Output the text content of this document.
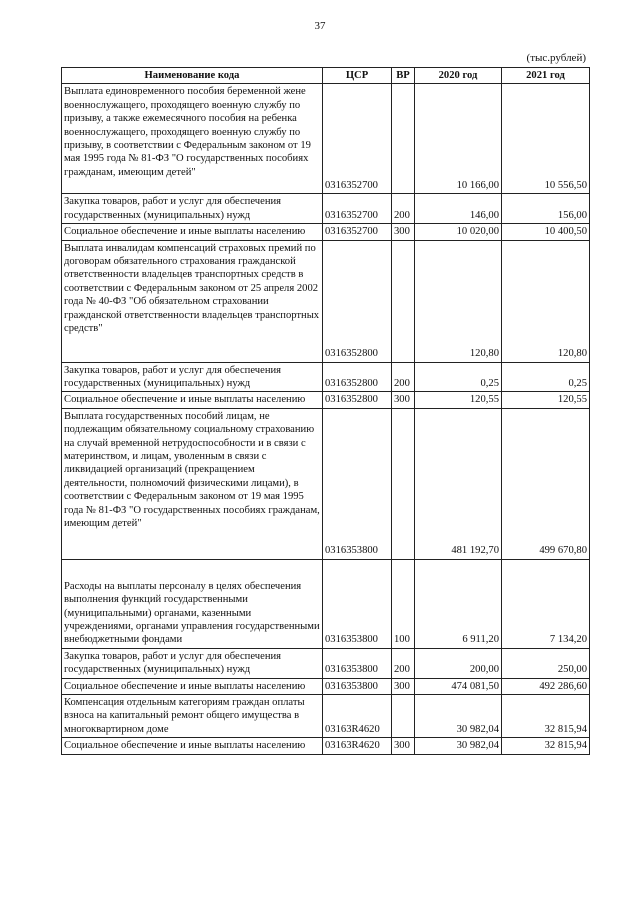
37
(тыс.рублей)
Наименование кода	ЦСР	ВР	2020 год	2021 год
Выплата единовременного пособия беременной жене военнослужащего, проходящего военную службу по призыву, а также ежемесячного пособия на ребенка военнослужащего, проходящего военную службу по призыву, в соответствии с Федеральным законом от 19 мая 1995 года № 81-ФЗ "О государственных пособиях гражданам, имеющим детей"	0316352700		10 166,00	10 556,50
Закупка товаров, работ и услуг для обеспечения государственных (муниципальных) нужд	0316352700	200	146,00	156,00
Социальное обеспечение и иные выплаты населению	0316352700	300	10 020,00	10 400,50
Выплата инвалидам компенсаций страховых премий по договорам обязательного страхования гражданской ответственности владельцев транспортных средств в соответствии с Федеральным законом от 25 апреля 2002 года № 40-ФЗ "Об обязательном страховании гражданской ответственности владельцев транспортных средств"	0316352800		120,80	120,80
Закупка товаров, работ и услуг для обеспечения государственных (муниципальных) нужд	0316352800	200	0,25	0,25
Социальное обеспечение и иные выплаты населению	0316352800	300	120,55	120,55
Выплата государственных пособий лицам, не подлежащим обязательному социальному страхованию на случай временной нетрудоспособности и в связи с материнством, и лицам, уволенным в связи с ликвидацией организаций (прекращением деятельности, полномочий физическими лицами), в соответствии с Федеральным законом от 19 мая 1995 года № 81-ФЗ "О государственных пособиях гражданам, имеющим детей"	0316353800		481 192,70	499 670,80
Расходы на выплаты персоналу в целях обеспечения выполнения функций государственными (муниципальными) органами, казенными учреждениями, органами управления государственными внебюджетными фондами	0316353800	100	6 911,20	7 134,20
Закупка товаров, работ и услуг для обеспечения государственных (муниципальных) нужд	0316353800	200	200,00	250,00
Социальное обеспечение и иные выплаты населению	0316353800	300	474 081,50	492 286,60
Компенсация отдельным категориям граждан оплаты взноса на капитальный ремонт общего имущества в многоквартирном доме	03163R4620		30 982,04	32 815,94
Социальное обеспечение и иные выплаты населению	03163R4620	300	30 982,04	32 815,94
